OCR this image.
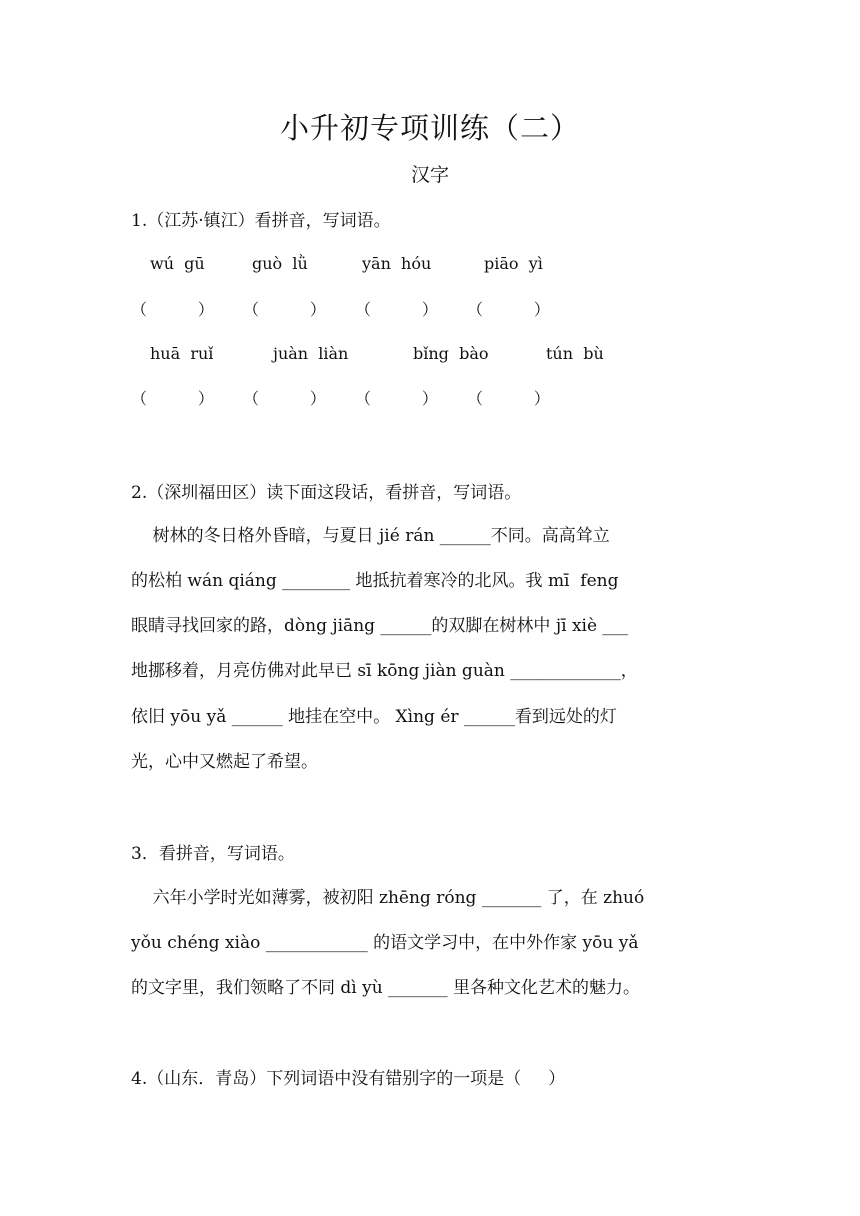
小升初专项训练（二）
汉字
1.（江苏·镇江）看拼音，写词语。
wú  gū	guò  lǜ	yān  hóu	piāo  yì
（          ） （          ） （          ） （          ）
huā  ruǐ	juàn  liàn	bǐng  bào	tún  bù
（          ） （          ） （          ） （          ）
2.（深圳福田区）读下面这段话，看拼音，写词语。
树林的冬日格外昏暗，与夏日 jié rán ______不同。高高耸立
的松柏 wán qiáng ________ 地抵抗着寒冷的北风。我 mī  feng
眼睛寻找回家的路，dòng jiāng ______的双脚在树林中 jī xiè ___
地挪移着，月亮仿佛对此早已 sī kōng jiàn guàn _____________，
依旧 yōu yǎ ______ 地挂在空中。 Xìng ér ______看到远处的灯
光，心中又燃起了希望。
3．看拼音，写词语。
六年小学时光如薄雾，被初阳 zhēng róng _______ 了，在 zhuó
yǒu chéng xiào ____________ 的语文学习中，在中外作家 yōu yǎ
的文字里，我们领略了不同 dì yù _______ 里各种文化艺术的魅力。
4.（山东．青岛）下列词语中没有错别字的一项是（     ）
